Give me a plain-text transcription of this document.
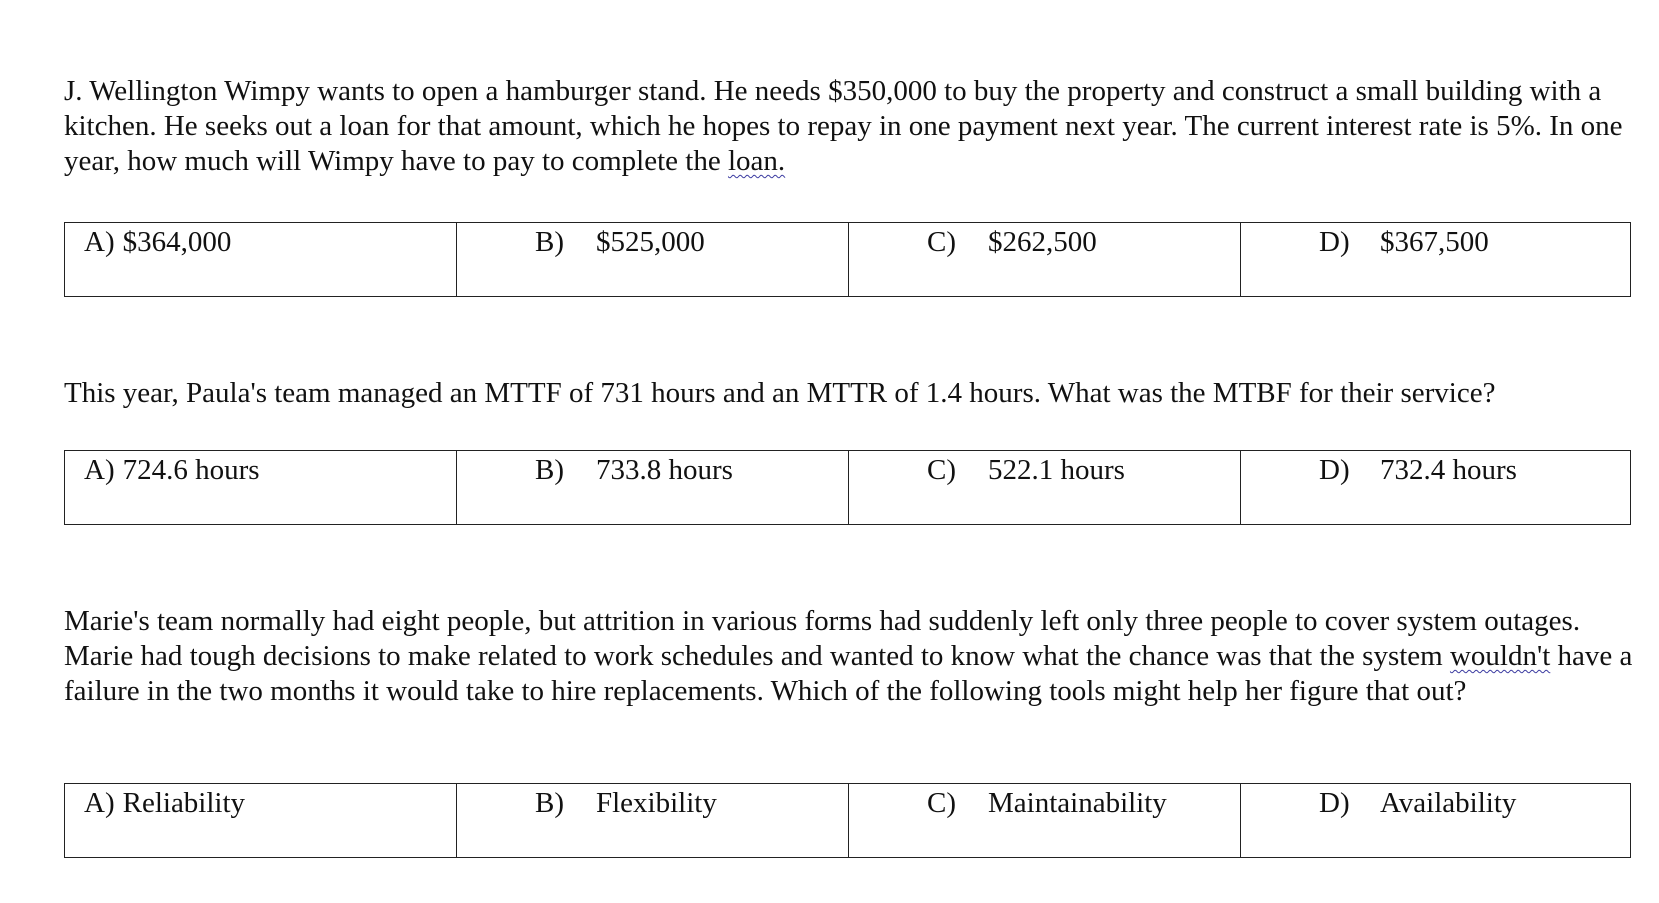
J. Wellington Wimpy wants to open a hamburger stand. He needs $350,000 to buy the property and construct a small building with a kitchen. He seeks out a loan for that amount, which he hopes to repay in one payment next year. The current interest rate is 5%. In one year, how much will Wimpy have to pay to complete the loan.
A) $364,000	B) $525,000	C) $262,500	D) $367,500
This year, Paula's team managed an MTTF of 731 hours and an MTTR of 1.4 hours. What was the MTBF for their service?
A) 724.6 hours	B) 733.8 hours	C) 522.1 hours	D) 732.4 hours
Marie's team normally had eight people, but attrition in various forms had suddenly left only three people to cover system outages. Marie had tough decisions to make related to work schedules and wanted to know what the chance was that the system wouldn't have a failure in the two months it would take to hire replacements. Which of the following tools might help her figure that out?
A) Reliability	B) Flexibility	C) Maintainability	D) Availability
